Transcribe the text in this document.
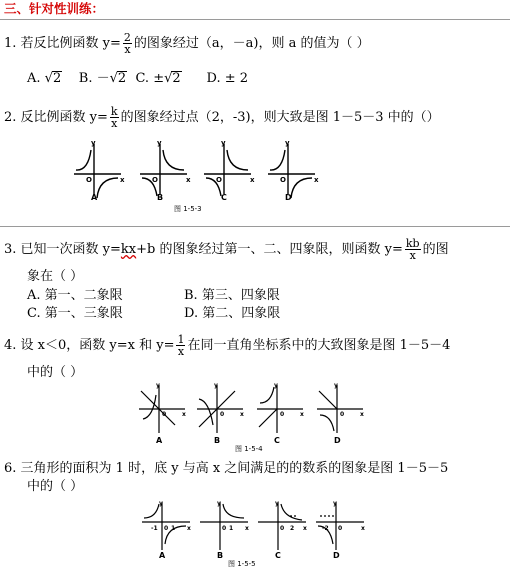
三、针对性训练：
1. 若反比例函数 $y= \frac{2}{x}$ 的图象经过（a，－a)，则 a 的值为（ ）
A. √2 B. －√2 C. ±√2 D. ± 2
2. 反比例函数 $y= \frac{k}{x}$ 的图象经过点（2，-3)，则大致是图 1－5－3 中的（）
y
x
O
y
x
O
y
x
O
y
x
O
A	B	C	D
图 1-5-3
3. 已知一次函数 y=kx+b 的图象经过第一、二、四象限，则函数 $y= \frac{kb}{x}$ 的图
象在（ ）
A. 第一、二象限	B. 第三、四象限
C. 第一、三象限	D. 第二、四象限
4. 设 x＜0，函数 y=x 和 $y= \frac{1}{x}$ 在同一直角坐标系中的大致图象是图 1－5－4
中的（ ）
y
x
0
y
x
0
y
x
0
y
x
0
A	B	C	D
图 1-5-4
6. 三角形的面积为 1 时，底 y 与高 x 之间满足的的数系的图象是图 1－5－5
中的（ ）
-1 0 1 x
y
0 1 x
y
0 2 x
y
-2 0	x
y
A	B	C	D
图 1-5-5
